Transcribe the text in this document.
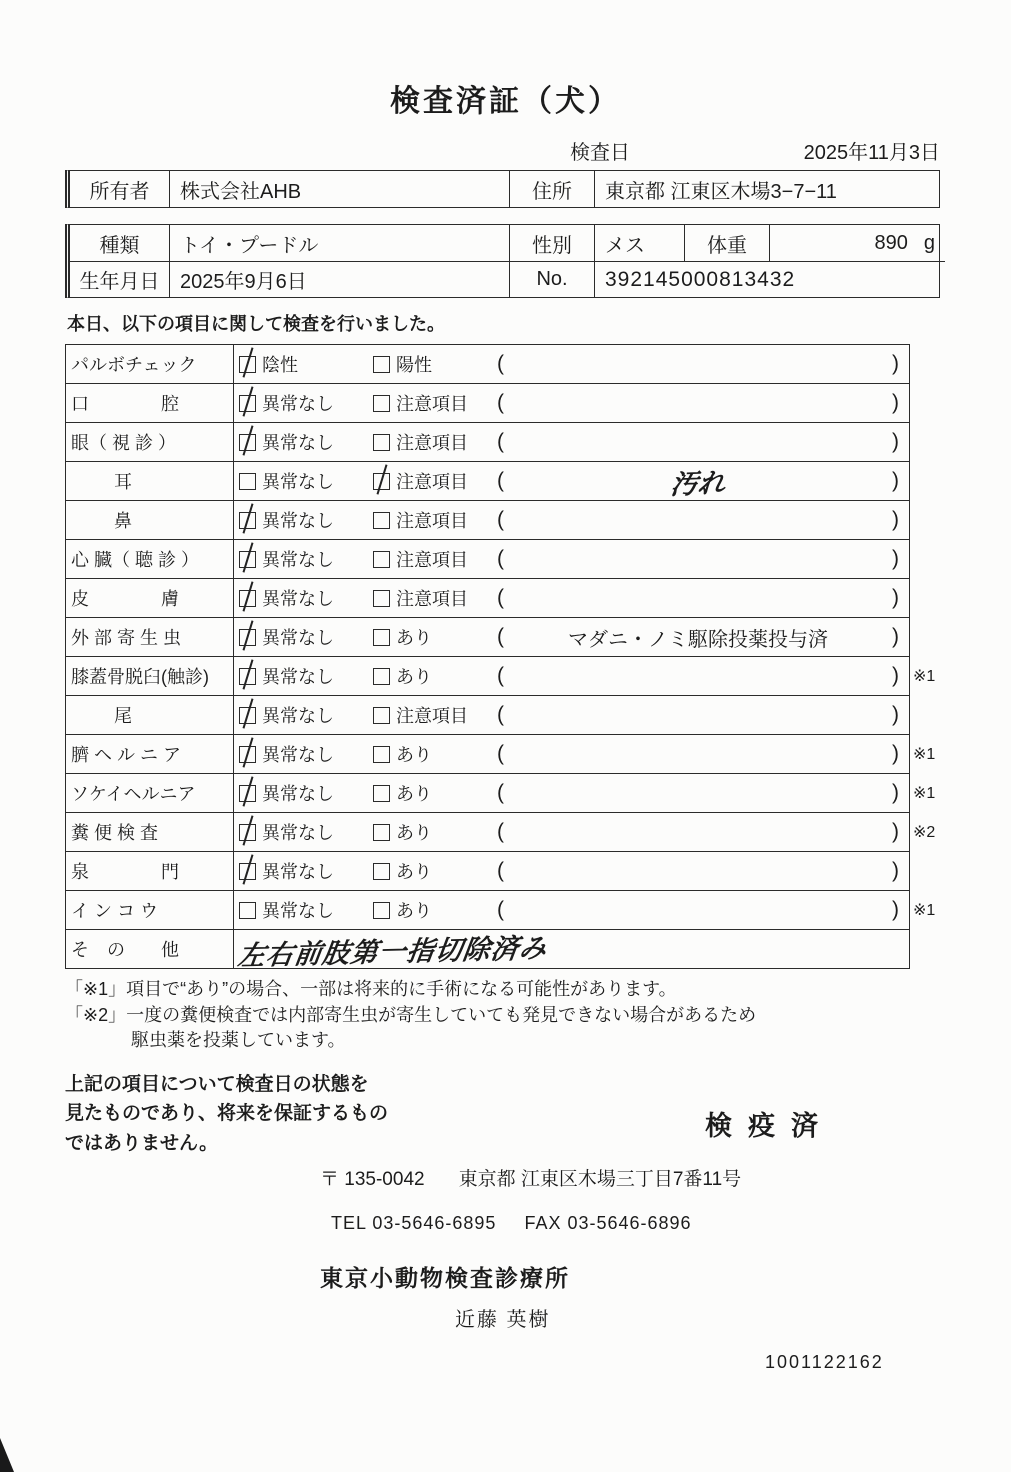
検査済証（犬）
検査日	2025年11月3日
所有者	株式会社AHB	住所	東京都 江東区木場3−7−11
種類	トイ・プードル	性別	メス	体重	890 g
生年月日	2025年9月6日	No.	392145000813432
本日、以下の項目に関して検査を行いました。
パルボチェック	陰性	陽性	(	)
口　　　　腔	異常なし	注意項目 (	)
眼（ 視 診 ）	異常なし	注意項目 (	)
耳	異常なし	注意項目 (	汚れ	)
鼻	異常なし	注意項目 (	)
心 臓（ 聴 診 ）	異常なし	注意項目 (	)
皮　　　　膚	異常なし	注意項目 (	)
外 部 寄 生 虫	異常なし	あり	(	マダニ・ノミ駆除投薬投与済	)
膝蓋骨脱臼(触診)	異常なし	あり	(	) ※1
尾	異常なし	注意項目 (	)
臍 ヘ ル ニ ア	異常なし	あり	(	) ※1
ソケイヘルニア	異常なし	あり	(	) ※1
糞 便 検 査	異常なし	あり	(	) ※2
泉　　　　門	異常なし	あり	(	)
イ ン コ ウ	異常なし	あり	(	) ※1
そ　の　　他	左右前肢第一指切除済み
「※1」項目で“あり”の場合、一部は将来的に手術になる可能性があります。
「※2」一度の糞便検査では内部寄生虫が寄生していても発見できない場合があるため
駆虫薬を投薬しています。
上記の項目について検査日の状態を
見たものであり、将来を保証するもの
ではありません。
検疫済
〒 135-0042 東京都 江東区木場三丁目7番11号
TEL 03-5646-6895 FAX 03-5646-6896
東京小動物検査診療所
近藤 英樹
1001122162
